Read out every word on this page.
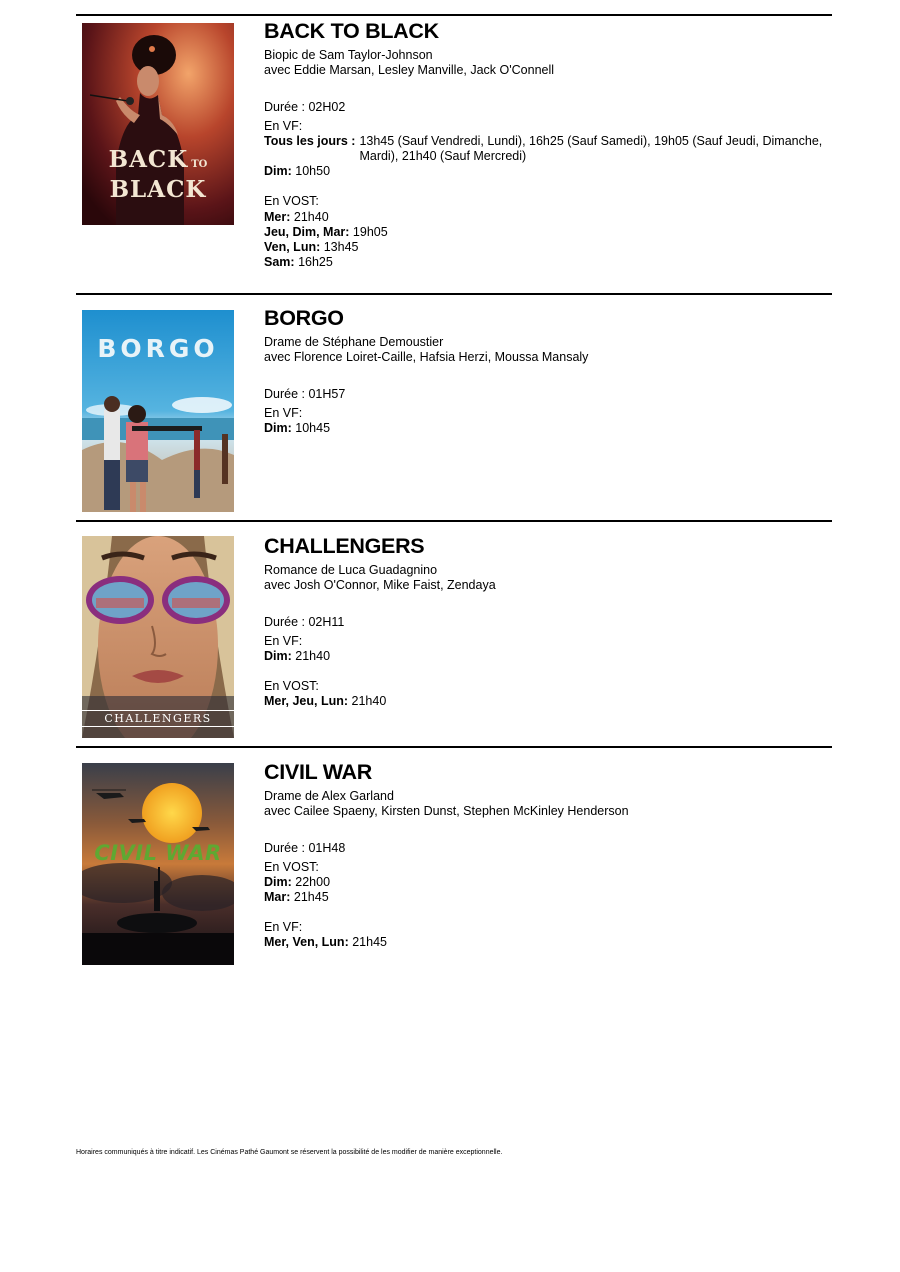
BACK TO
BLACK
BACK TO BLACK
Biopic de Sam Taylor-Johnson
avec Eddie Marsan, Lesley Manville, Jack O'Connell
Durée : 02H02
En VF:
Tous les jours : 13h45 (Sauf Vendredi, Lundi), 16h25 (Sauf Samedi), 19h05 (Sauf Jeudi, Dimanche, Mardi), 21h40 (Sauf Mercredi)
Dim: 10h50
En VOST:
Mer: 21h40
Jeu, Dim, Mar: 19h05
Ven, Lun: 13h45
Sam: 16h25
BORGO
BORGO
Drame de Stéphane Demoustier
avec Florence Loiret-Caille, Hafsia Herzi, Moussa Mansaly
Durée : 01H57
En VF:
Dim: 10h45
CHALLENGERS
CHALLENGERS
Romance de Luca Guadagnino
avec Josh O'Connor, Mike Faist, Zendaya
Durée : 02H11
En VF:
Dim: 21h40
En VOST:
Mer, Jeu, Lun: 21h40
CIVIL WAR
CIVIL WAR
Drame de Alex Garland
avec Cailee Spaeny, Kirsten Dunst, Stephen McKinley Henderson
Durée : 01H48
En VOST:
Dim: 22h00
Mar: 21h45
En VF:
Mer, Ven, Lun: 21h45
Horaires communiqués à titre indicatif. Les Cinémas Pathé Gaumont se réservent la possibilité de les modifier de manière exceptionnelle.
